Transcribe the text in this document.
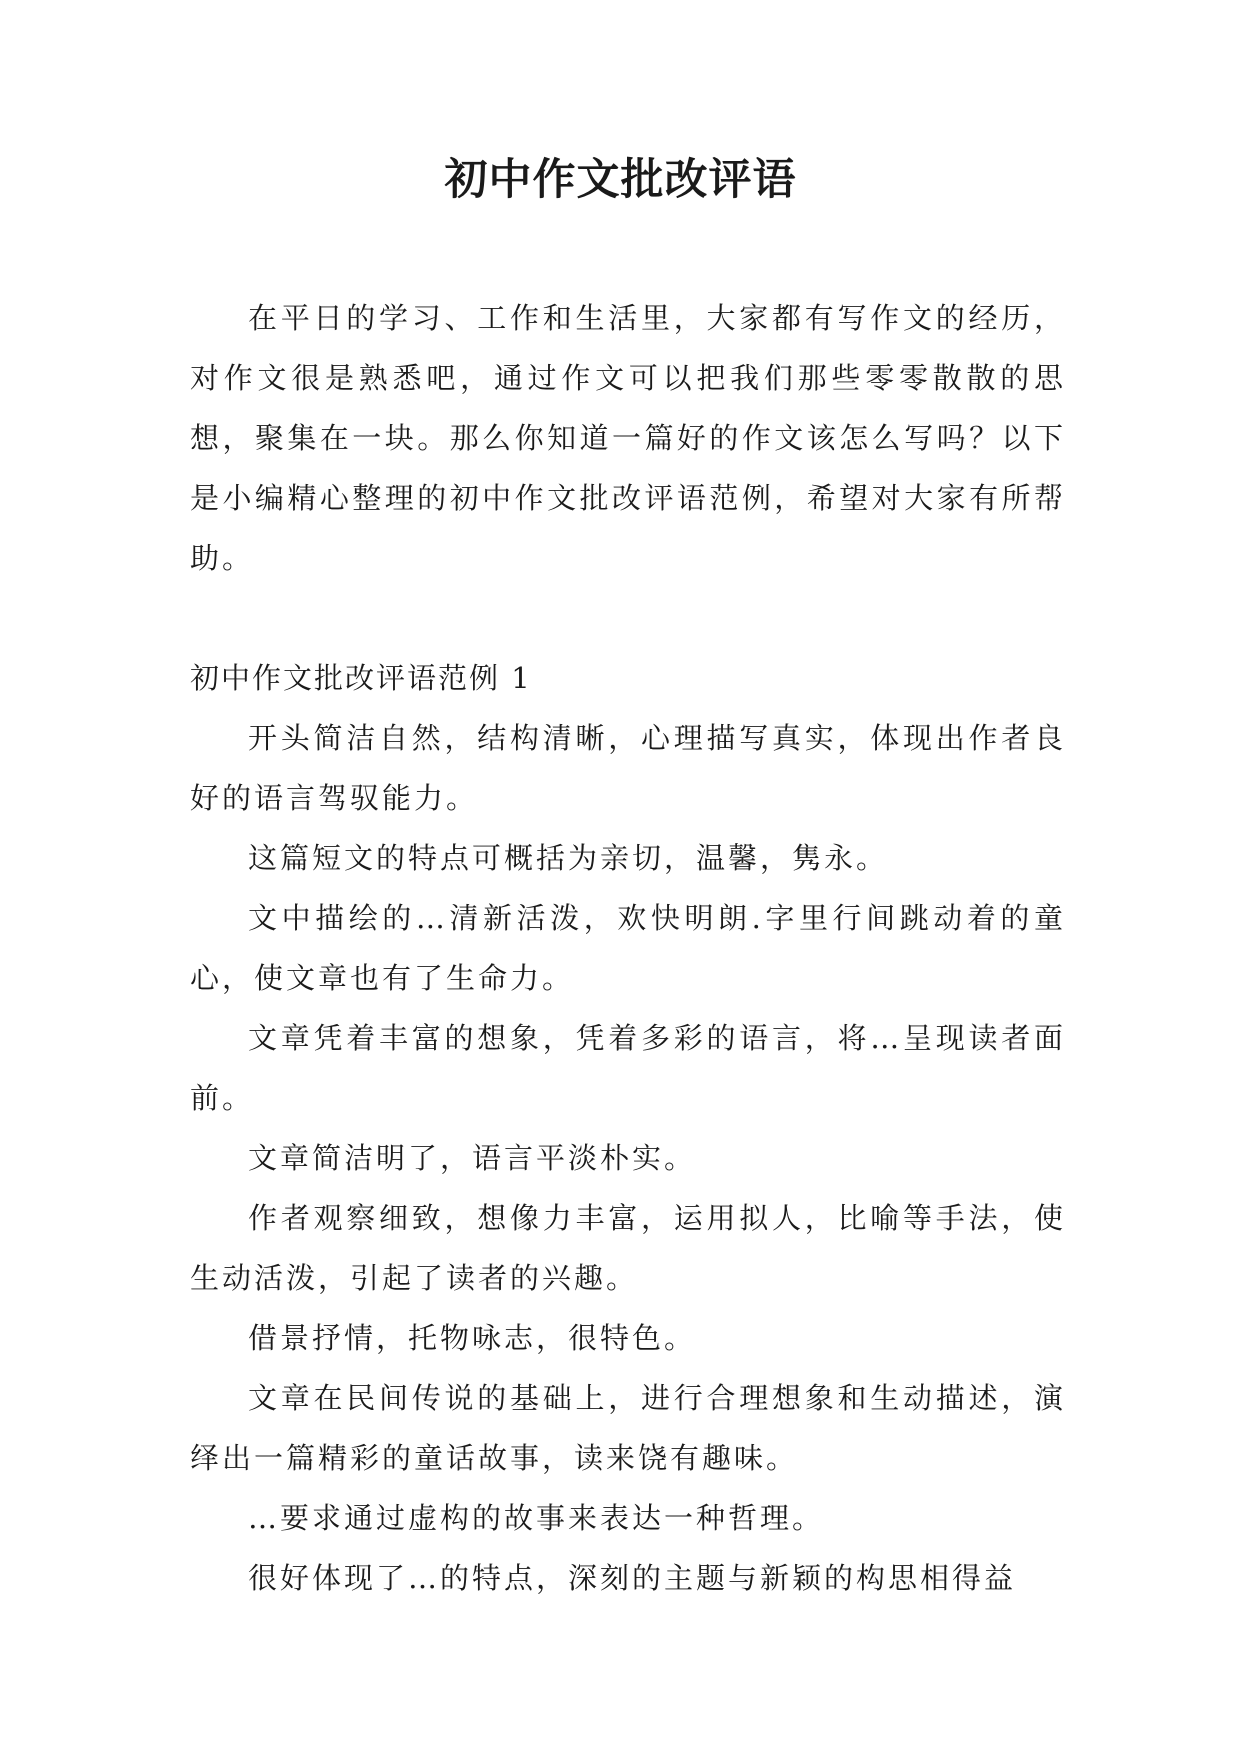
初中作文批改评语

在平日的学习、工作和生活里，大家都有写作文的经历，对作文很是熟悉吧，通过作文可以把我们那些零零散散的思想，聚集在一块。那么你知道一篇好的作文该怎么写吗？以下是小编精心整理的初中作文批改评语范例，希望对大家有所帮助。

初中作文批改评语范例 1

开头简洁自然，结构清晰，心理描写真实，体现出作者良好的语言驾驭能力。

这篇短文的特点可概括为亲切，温馨，隽永。

文中描绘的…清新活泼，欢快明朗.字里行间跳动着的童心，使文章也有了生命力。

文章凭着丰富的想象，凭着多彩的语言，将…呈现读者面前。

文章简洁明了，语言平淡朴实。

作者观察细致，想像力丰富，运用拟人，比喻等手法，使生动活泼，引起了读者的兴趣。

借景抒情，托物咏志，很特色。

文章在民间传说的基础上，进行合理想象和生动描述，演绎出一篇精彩的童话故事，读来饶有趣味。

…要求通过虚构的故事来表达一种哲理。

很好体现了…的特点，深刻的主题与新颖的构思相得益
